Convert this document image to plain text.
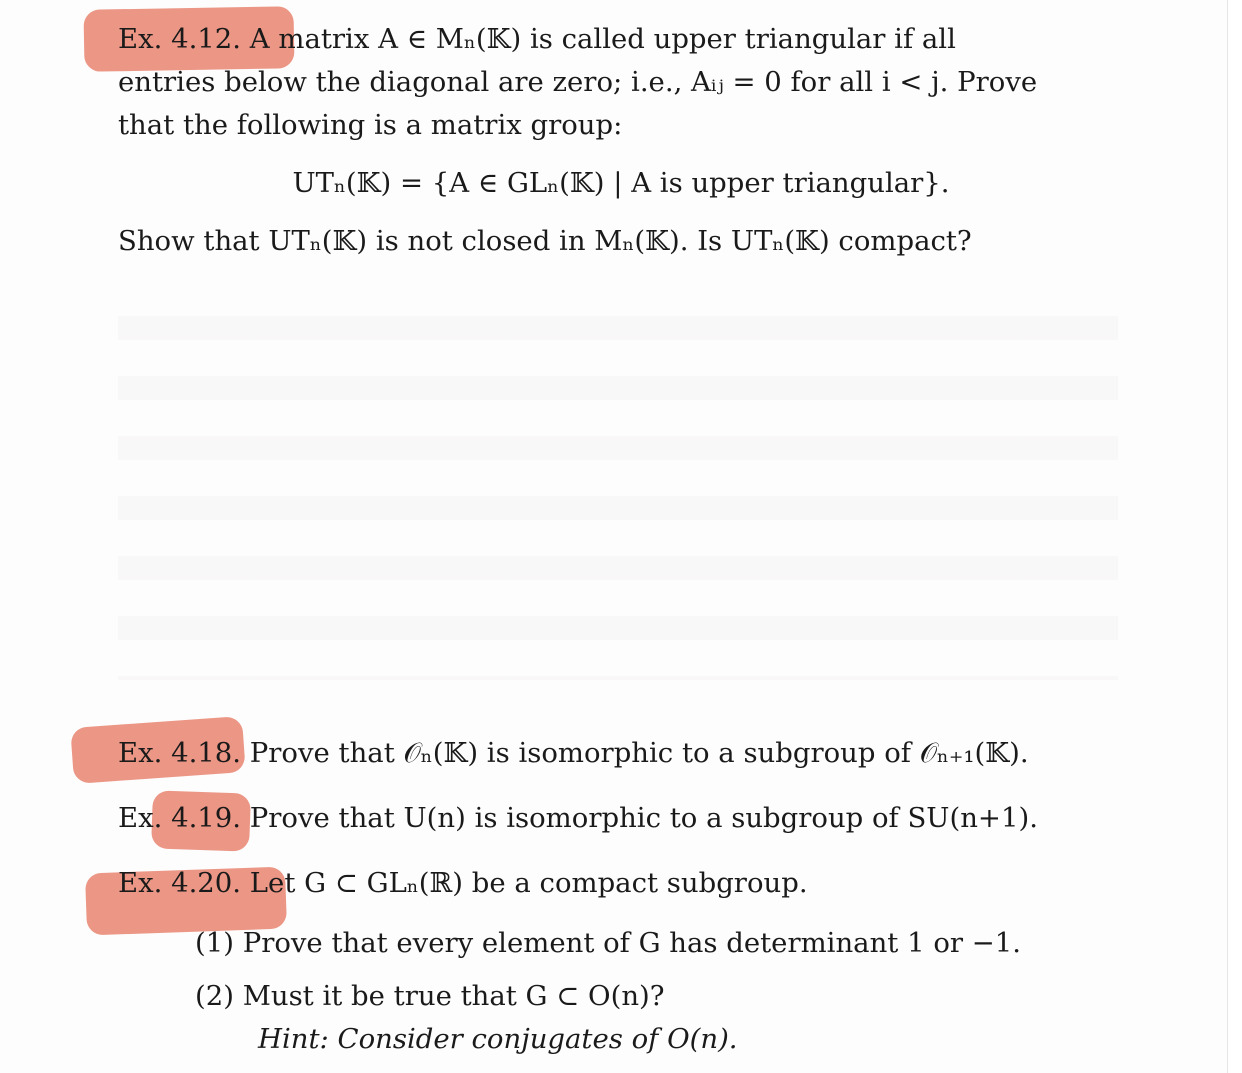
Ex. 4.12. A matrix A ∈ Mₙ(𝕂) is called upper triangular if all
entries below the diagonal are zero; i.e., Aᵢⱼ = 0 for all i < j. Prove
that the following is a matrix group:
UTₙ(𝕂) = {A ∈ GLₙ(𝕂) | A is upper triangular}.
Show that UTₙ(𝕂) is not closed in Mₙ(𝕂). Is UTₙ(𝕂) compact?
Ex. 4.18. Prove that 𝒪ₙ(𝕂) is isomorphic to a subgroup of 𝒪ₙ₊₁(𝕂).
Ex. 4.19. Prove that U(n) is isomorphic to a subgroup of SU(n+1).
Ex. 4.20. Let G ⊂ GLₙ(ℝ) be a compact subgroup.
(1) Prove that every element of G has determinant 1 or −1.
(2) Must it be true that G ⊂ O(n)?
Hint: Consider conjugates of O(n).
